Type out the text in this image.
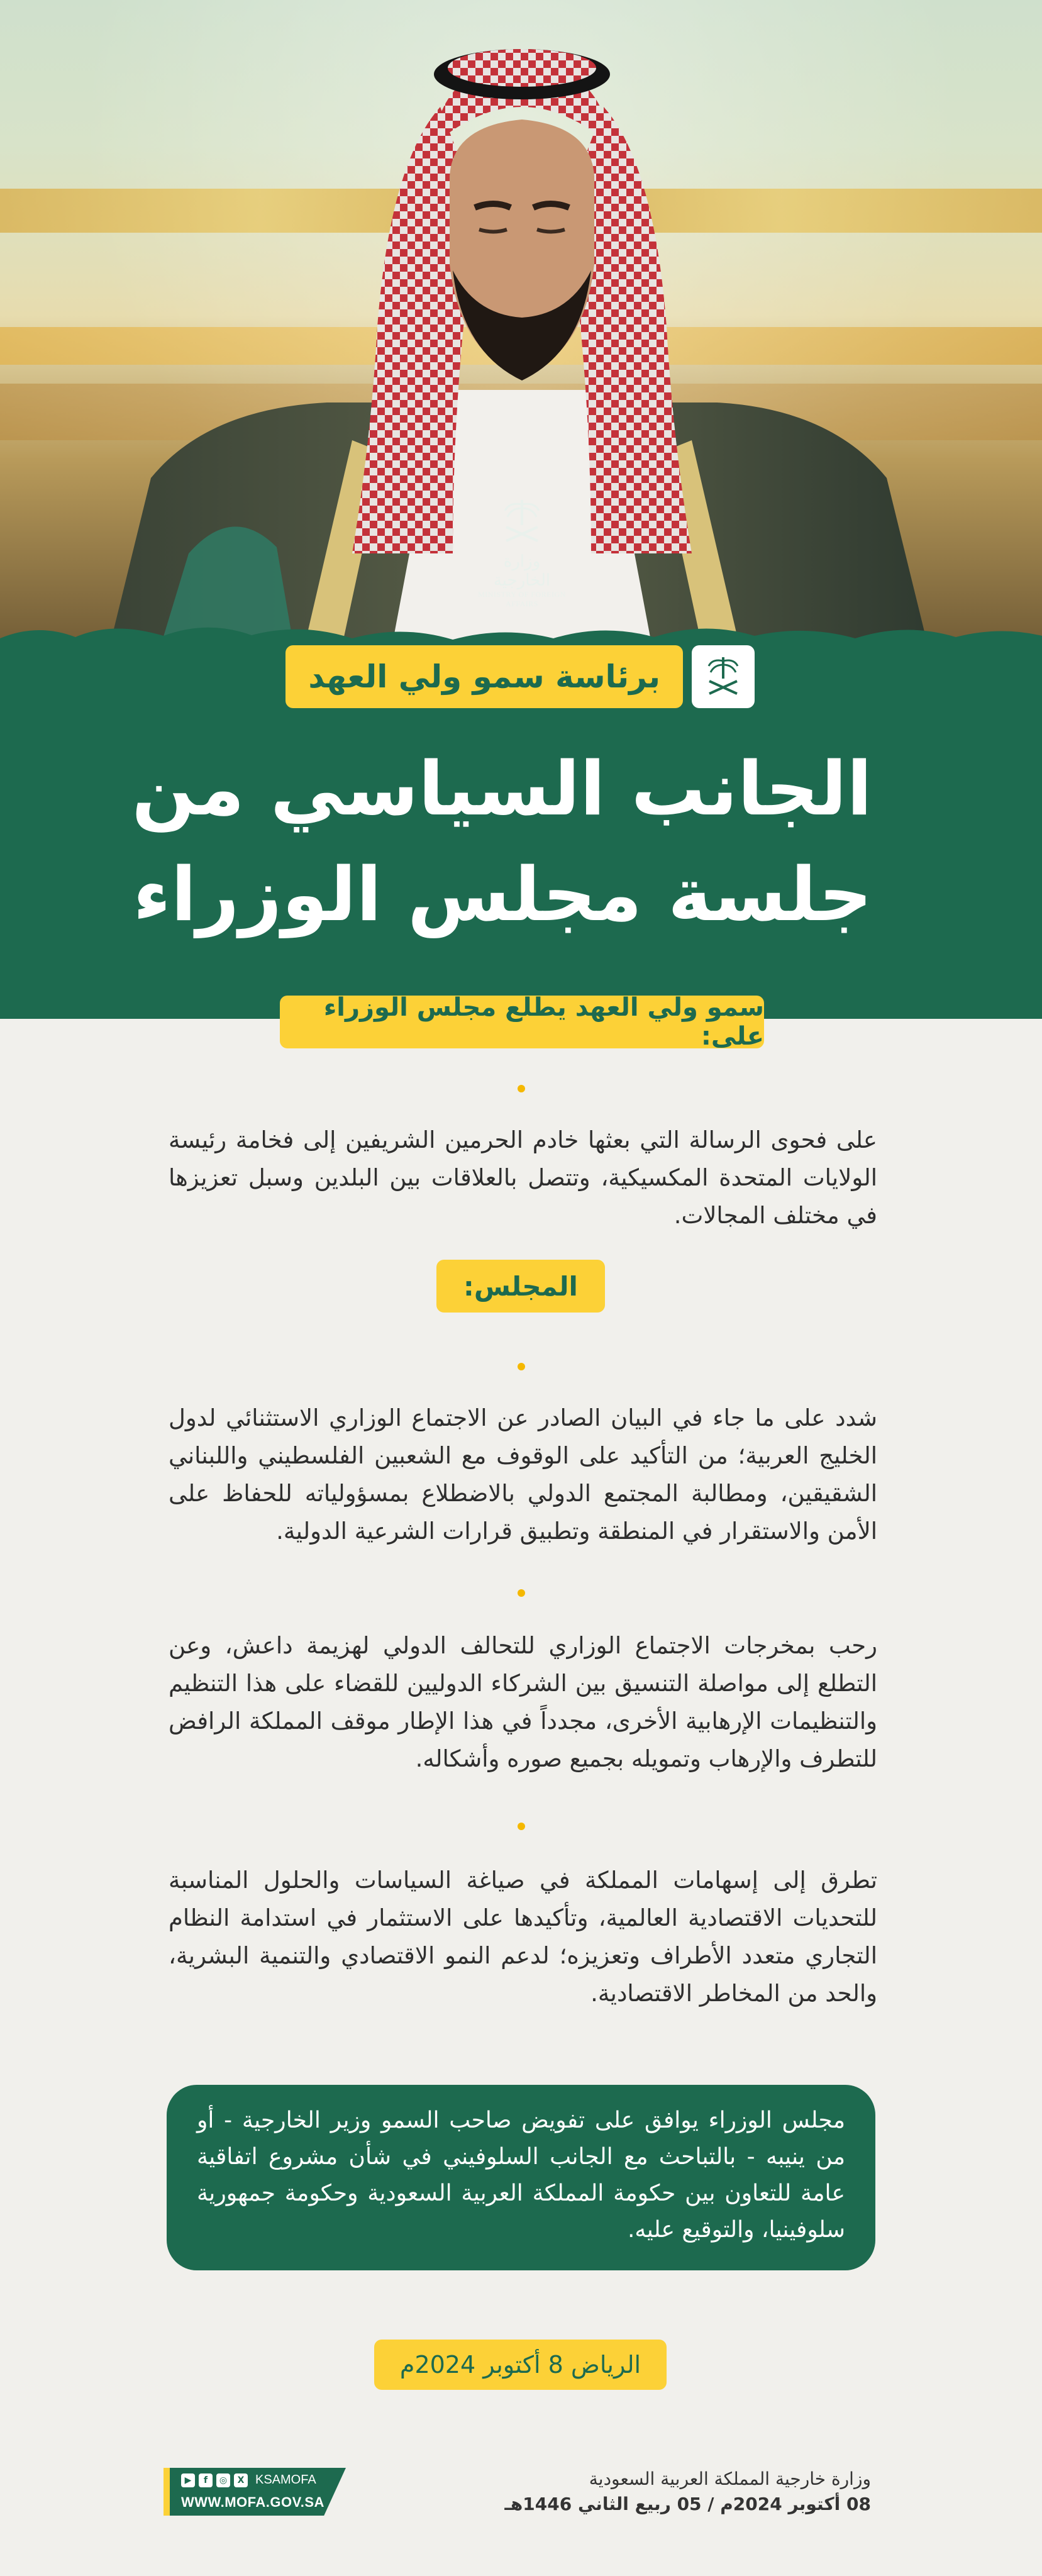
وزارة الخارجية
MINISTRY OF FOREIGN AFFAIRS
برئاسة سمو ولي العهد
الجانب السياسي من
جلسة مجلس الوزراء
سمو ولي العهد يطلع مجلس الوزراء على:
على فحوى الرسالة التي بعثها خادم الحرمين الشريفين إلى فخامة رئيسة الولايات المتحدة المكسيكية، وتتصل بالعلاقات بين البلدين وسبل تعزيزها في مختلف المجالات.
المجلس:
شدد على ما جاء في البيان الصادر عن الاجتماع الوزاري الاستثنائي لدول الخليج العربية؛ من التأكيد على الوقوف مع الشعبين الفلسطيني واللبناني الشقيقين، ومطالبة المجتمع الدولي بالاضطلاع بمسؤولياته للحفاظ على الأمن والاستقرار في المنطقة وتطبيق قرارات الشرعية الدولية.
رحب بمخرجات الاجتماع الوزاري للتحالف الدولي لهزيمة داعش، وعن التطلع إلى مواصلة التنسيق بين الشركاء الدوليين للقضاء على هذا التنظيم والتنظيمات الإرهابية الأخرى، مجدداً في هذا الإطار موقف المملكة الرافض للتطرف والإرهاب وتمويله بجميع صوره وأشكاله.
تطرق إلى إسهامات المملكة في صياغة السياسات والحلول المناسبة للتحديات الاقتصادية العالمية، وتأكيدها على الاستثمار في استدامة النظام التجاري متعدد الأطراف وتعزيزه؛ لدعم النمو الاقتصادي والتنمية البشرية، والحد من المخاطر الاقتصادية.
مجلس الوزراء يوافق على تفويض صاحب السمو وزير الخارجية - أو من ينيبه - بالتباحث مع الجانب السلوفيني في شأن مشروع اتفاقية عامة للتعاون بين حكومة المملكة العربية السعودية وحكومة جمهورية سلوفينيا، والتوقيع عليه.
الرياض 8 أكتوبر 2024م
▶	f	◎	X KSAMOFA
WWW.MOFA.GOV.SA
وزارة خارجية المملكة العربية السعودية
08 أكتوبر 2024م / 05 ربيع الثاني 1446هـ
